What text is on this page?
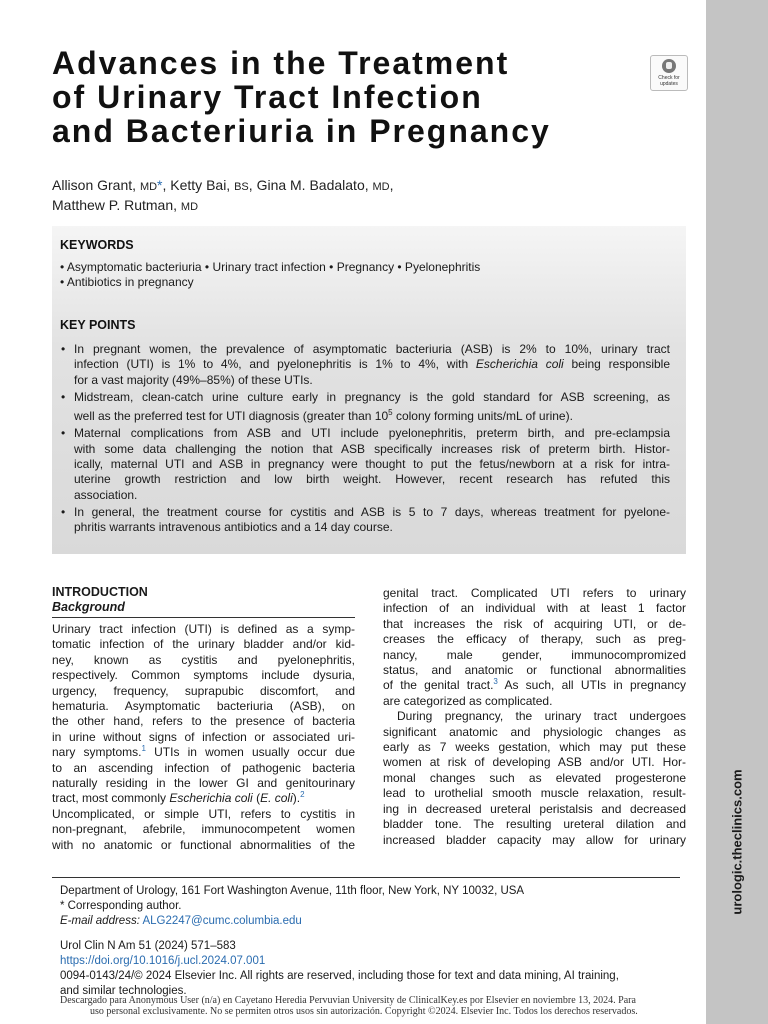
urologic.theclinics.com
Advances in the Treatment
of Urinary Tract Infection
and Bacteriuria in Pregnancy
Check for
updates
Allison Grant, MD*, Ketty Bai, BS, Gina M. Badalato, MD,
Matthew P. Rutman, MD
KEYWORDS
• Asymptomatic bacteriuria • Urinary tract infection • Pregnancy • Pyelonephritis
• Antibiotics in pregnancy
KEY POINTS
• In pregnant women, the prevalence of asymptomatic bacteriuria (ASB) is 2% to 10%, urinary tract
infection (UTI) is 1% to 4%, and pyelonephritis is 1% to 4%, with Escherichia coli being responsible
for a vast majority (49%–85%) of these UTIs.
• Midstream, clean-catch urine culture early in pregnancy is the gold standard for ASB screening, as
well as the preferred test for UTI diagnosis (greater than $10^5$ colony forming units/mL of urine).
• Maternal complications from ASB and UTI include pyelonephritis, preterm birth, and pre-eclampsia
with some data challenging the notion that ASB specifically increases risk of preterm birth. Histor-
ically, maternal UTI and ASB in pregnancy were thought to put the fetus/newborn at a risk for intra-
uterine growth restriction and low birth weight. However, recent research has refuted this
association.
• In general, the treatment course for cystitis and ASB is 5 to 7 days, whereas treatment for pyelone-
phritis warrants intravenous antibiotics and a 14 day course.
INTRODUCTION
Background
Urinary tract infection (UTI) is defined as a symp-
tomatic infection of the urinary bladder and/or kid-
ney, known as cystitis and pyelonephritis,
respectively. Common symptoms include dysuria,
urgency, frequency, suprapubic discomfort, and
hematuria. Asymptomatic bacteriuria (ASB), on
the other hand, refers to the presence of bacteria
in urine without signs of infection or associated uri-
nary symptoms.$^1$ UTIs in women usually occur due
to an ascending infection of pathogenic bacteria
naturally residing in the lower GI and genitourinary
tract, most commonly Escherichia coli (E. coli).$^2$
Uncomplicated, or simple UTI, refers to cystitis in
non-pregnant, afebrile, immunocompetent women
with no anatomic or functional abnormalities of the
genital tract. Complicated UTI refers to urinary
infection of an individual with at least 1 factor
that increases the risk of acquiring UTI, or de-
creases the efficacy of therapy, such as preg-
nancy, male gender, immunocompromized
status, and anatomic or functional abnormalities
of the genital tract.$^3$ As such, all UTIs in pregnancy
are categorized as complicated.
During pregnancy, the urinary tract undergoes
significant anatomic and physiologic changes as
early as 7 weeks gestation, which may put these
women at risk of developing ASB and/or UTI. Hor-
monal changes such as elevated progesterone
lead to urothelial smooth muscle relaxation, result-
ing in decreased ureteral peristalsis and decreased
bladder tone. The resulting ureteral dilation and
increased bladder capacity may allow for urinary
Department of Urology, 161 Fort Washington Avenue, 11th floor, New York, NY 10032, USA
* Corresponding author.
E-mail address: ALG2247@cumc.columbia.edu
Urol Clin N Am 51 (2024) 571–583
https://doi.org/10.1016/j.ucl.2024.07.001
0094-0143/24/© 2024 Elsevier Inc. All rights are reserved, including those for text and data mining, AI training,
and similar technologies.
Descargado para Anonymous User (n/a) en Cayetano Heredia Pervuvian University de ClinicalKey.es por Elsevier en noviembre 13, 2024. Para
uso personal exclusivamente. No se permiten otros usos sin autorización. Copyright ©2024. Elsevier Inc. Todos los derechos reservados.
